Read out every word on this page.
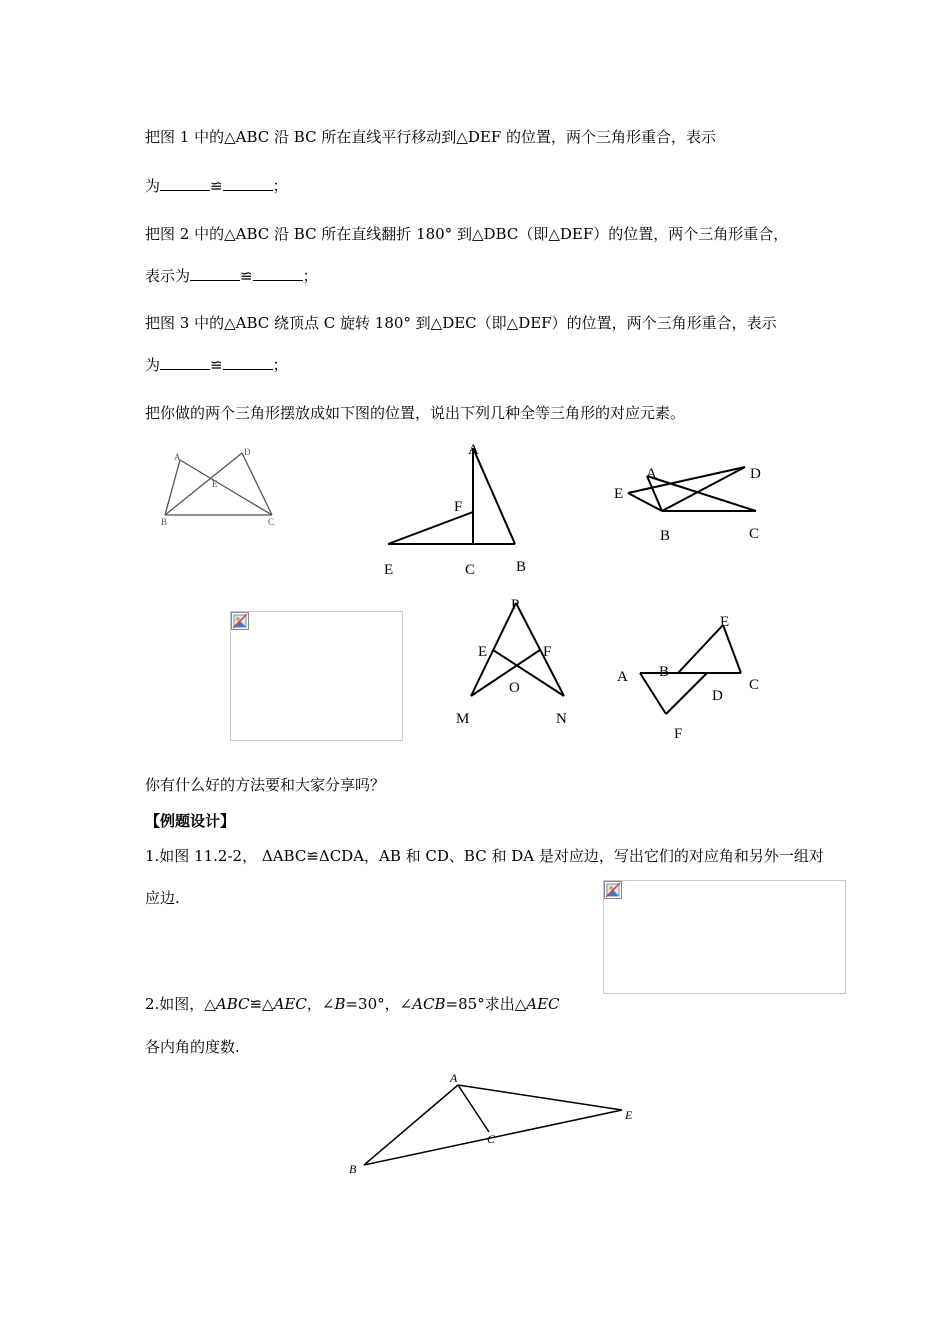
把图 1 中的△ABC 沿 BC 所在直线平行移动到△DEF 的位置，两个三角形重合，表示
为	≌	；
把图 2 中的△ABC 沿 BC 所在直线翻折 180° 到△DBC（即△DEF）的位置，两个三角形重合，
表示为	≌	；
把图 3 中的△ABC 绕顶点 C 旋转 180° 到△DEC（即△DEF）的位置，两个三角形重合，表示
为	≌	；
把你做的两个三角形摆放成如下图的位置，说出下列几种全等三角形的对应元素。
A	D
E
B	C
A
F
E	C	B
A	D
E
B	C
P
E	F
O
M	N
E
A B
C
D
F
你有什么好的方法要和大家分享吗？
【例题设计】
1.如图 11.2-2， ΔABC≌ΔCDA，AB 和 CD、BC 和 DA 是对应边，写出它们的对应角和另外一组对
应边.
2.如图，△ABC≌△AEC，∠B=30°，∠ACB=85°求出△AEC
各内角的度数.
A
B
C
E
